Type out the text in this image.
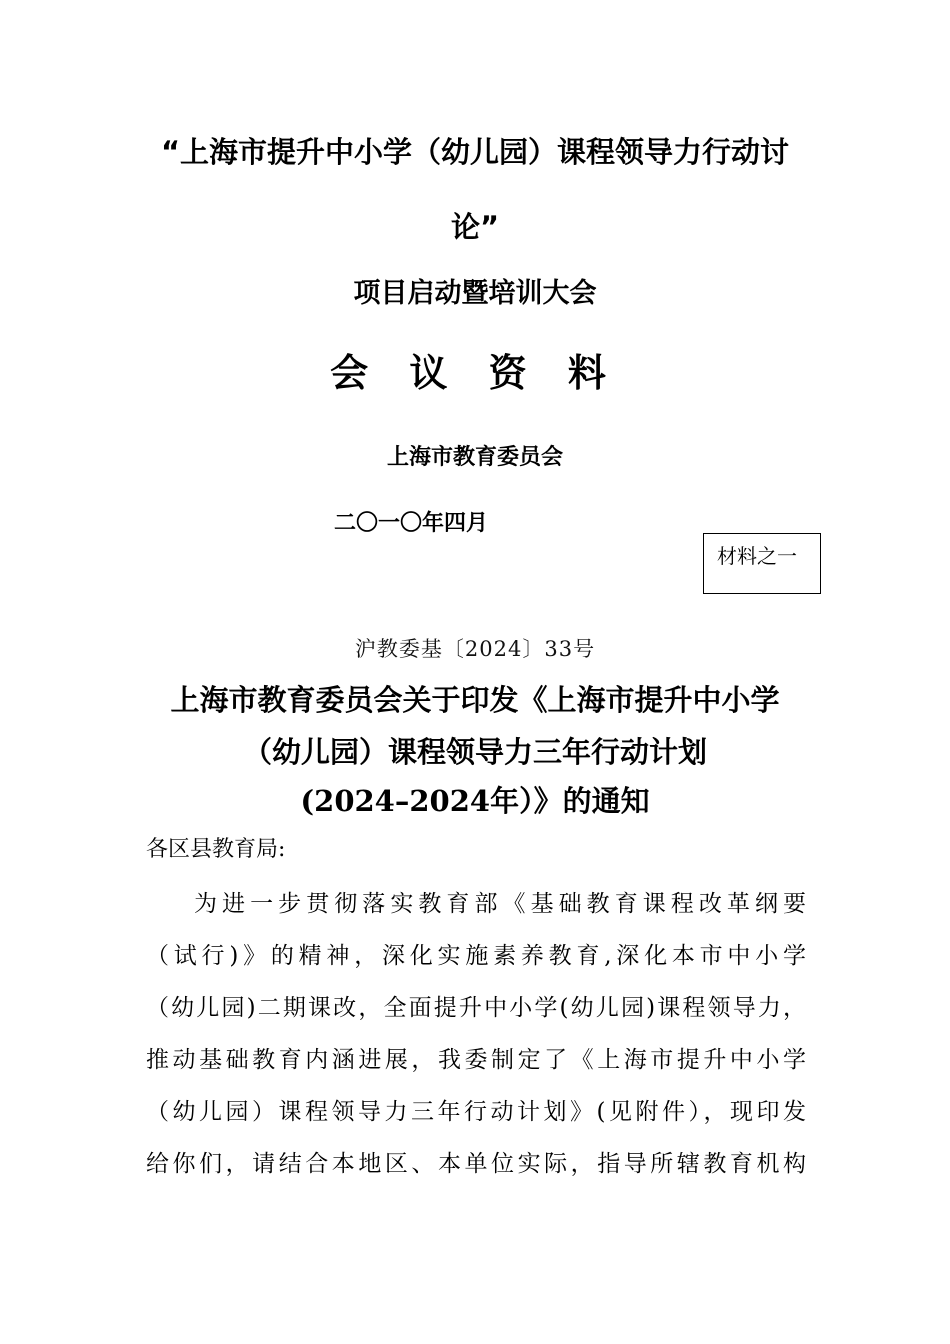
“上海市提升中小学（幼儿园）课程领导力行动讨
论”
项目启动暨培训大会
会 议 资 料
上海市教育委员会
二〇一〇年四月
材料之一
沪教委基〔2024〕33号
上海市教育委员会关于印发《上海市提升中小学
（幼儿园）课程领导力三年行动计划
(2024–2024年）》的通知
各区县教育局:
为进一步贯彻落实教育部《基础教育课程改革纲要
（试行)》的精神，深化实施素养教育,深化本市中小学
（幼儿园)二期课改，全面提升中小学(幼儿园)课程领导力，
推动基础教育内涵进展，我委制定了《上海市提升中小学
（幼儿园）课程领导力三年行动计划》(见附件），现印发
给你们，请结合本地区、本单位实际，指导所辖教育机构
